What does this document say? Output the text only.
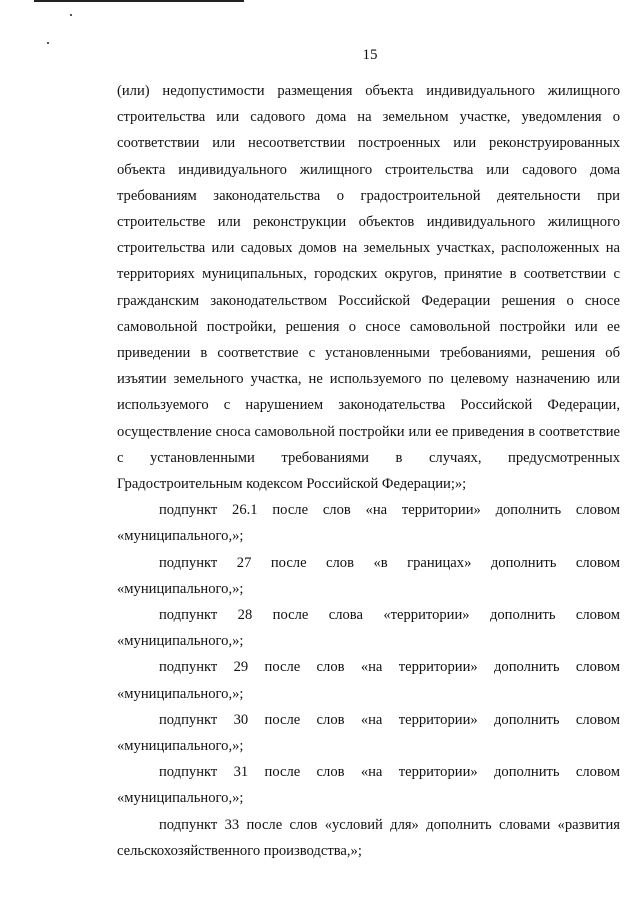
15

(или) недопустимости размещения объекта индивидуального жилищного строительства или садового дома на земельном участке, уведомления о соответствии или несоответствии построенных или реконструированных объекта индивидуального жилищного строительства или садового дома требованиям законодательства о градостроительной деятельности при строительстве или реконструкции объектов индивидуального жилищного строительства или садовых домов на земельных участках, расположенных на территориях муниципальных, городских округов, принятие в соответствии с гражданским законодательством Российской Федерации решения о сносе самовольной постройки, решения о сносе самовольной постройки или ее приведении в соответствие с установленными требованиями, решения об изъятии земельного участка, не используемого по целевому назначению или используемого с нарушением законодательства Российской Федерации, осуществление сноса самовольной постройки или ее приведения в соответствие с установленными требованиями в случаях, предусмотренных Градостроительным кодексом Российской Федерации;»;

подпункт 26.1 после слов «на территории» дополнить словом «муниципального,»;

подпункт 27 после слов «в границах» дополнить словом «муниципального,»;

подпункт 28 после слова «территории» дополнить словом «муниципального,»;

подпункт 29 после слов «на территории» дополнить словом «муниципального,»;

подпункт 30 после слов «на территории» дополнить словом «муниципального,»;

подпункт 31 после слов «на территории» дополнить словом «муниципального,»;

подпункт 33 после слов «условий для» дополнить словами «развития сельскохозяйственного производства,»;
